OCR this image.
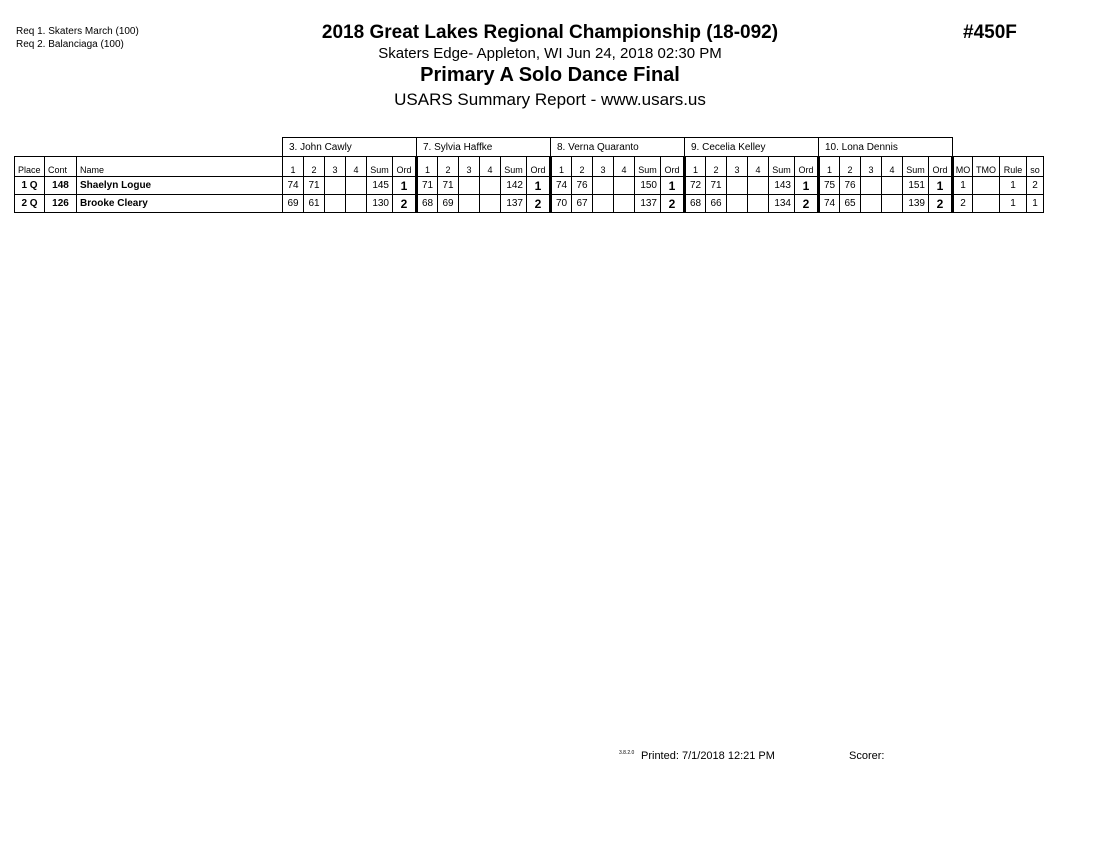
Req 1. Skaters March (100)
Req 2. Balanciaga (100)
2018 Great Lakes Regional Championship (18-092)
Skaters Edge- Appleton, WI Jun 24, 2018 02:30 PM
Primary A Solo Dance Final
USARS Summary Report - www.usars.us
#450F
			3. John Cawly						7. Sylvia Haffke						8. Verna Quaranto						9. Cecelia Kelley						10. Lona Dennis									
Place	Cont	Name	1	2	3	4	Sum	Ord	1	2	3	4	Sum	Ord	1	2	3	4	Sum	Ord	1	2	3	4	Sum	Ord	1	2	3	4	Sum	Ord	MO	TMO	Rule	so
1 Q	148	Shaelyn Logue	74	71			145	1	71	71			142	1	74	76			150	1	72	71			143	1	75	76			151	1	1		1	2
2 Q	126	Brooke Cleary	69	61			130	2	68	69			137	2	70	67			137	2	68	66			134	2	74	65			139	2	2		1	1
3.8.2.0 Printed: 7/1/2018 12:21 PM	Scorer:
